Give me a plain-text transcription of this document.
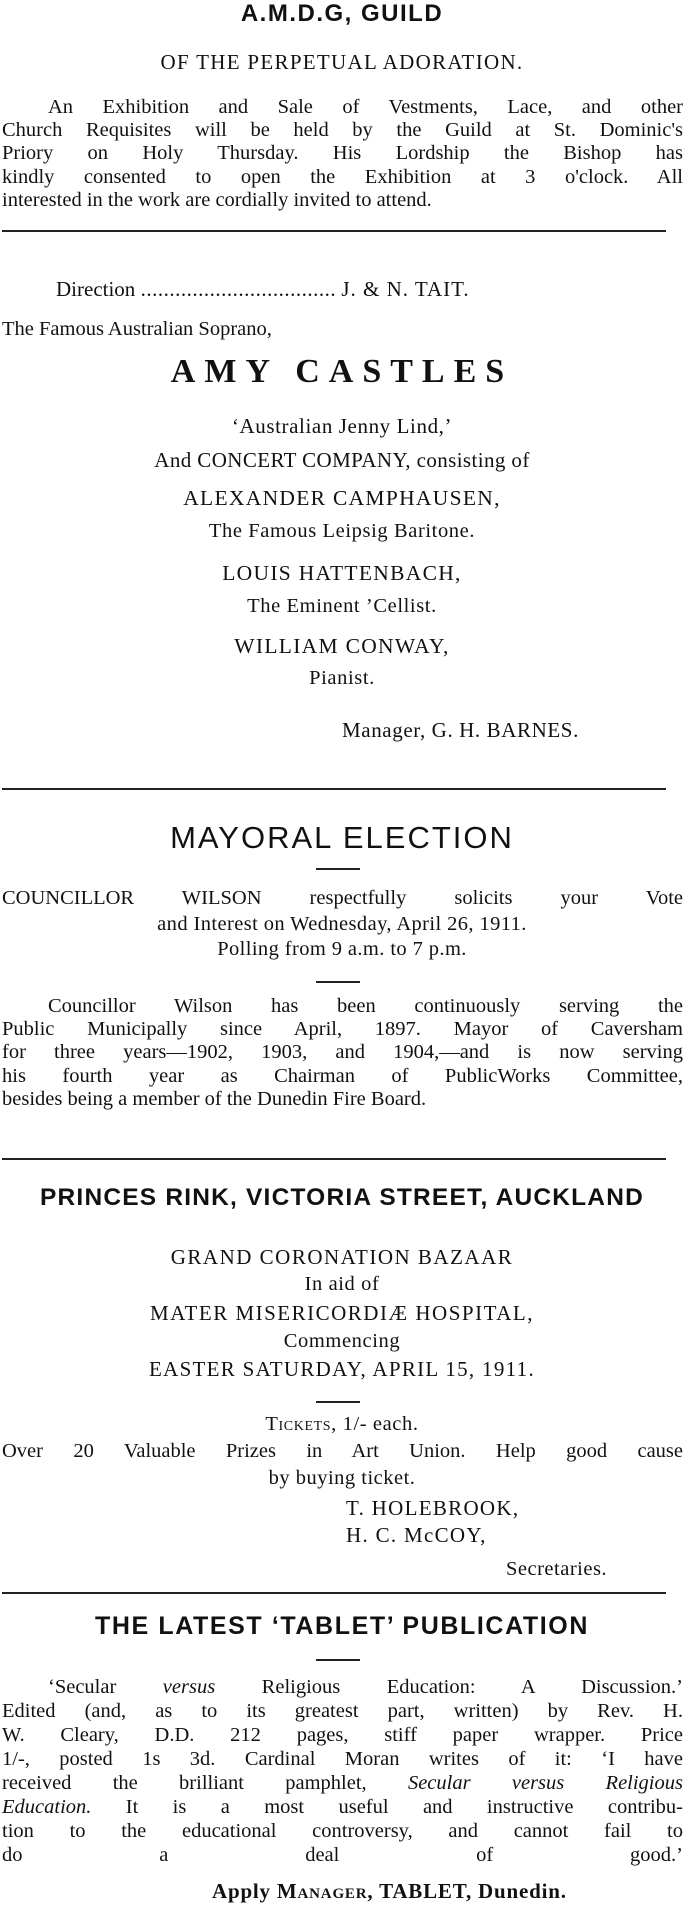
A.M.D.G, GUILD
OF THE PERPETUAL ADORATION.
An Exhibition and Sale of Vestments, Lace, and other
Church Requisites will be held by the Guild at St. Dominic's
Priory on Holy Thursday. His Lordship the Bishop has
kindly consented to open the Exhibition at 3 o'clock. All
interested in the work are cordially invited to attend.
Direction .................................. J. & N. TAIT.
The Famous Australian Soprano,
AMY CASTLES
‘Australian Jenny Lind,’
And CONCERT COMPANY, consisting of
ALEXANDER CAMPHAUSEN,
The Famous Leipsig Baritone.
LOUIS HATTENBACH,
The Eminent ’Cellist.
WILLIAM CONWAY,
Pianist.
Manager, G. H. BARNES.
MAYORAL ELECTION
COUNCILLOR WILSON respectfully solicits your Vote
and Interest on Wednesday, April 26, 1911.
Polling from 9 a.m. to 7 p.m.
Councillor Wilson has been continuously serving the
Public Municipally since April, 1897. Mayor of Caversham
for three years—1902, 1903, and 1904,—and is now serving
his fourth year as Chairman of PublicWorks Committee,
besides being a member of the Dunedin Fire Board.
PRINCES RINK, VICTORIA STREET, AUCKLAND
GRAND CORONATION BAZAAR
In aid of
MATER MISERICORDIÆ HOSPITAL,
Commencing
EASTER SATURDAY, APRIL 15, 1911.
Tickets, 1/- each.
Over 20 Valuable Prizes in Art Union. Help good cause
by buying ticket.
T. HOLEBROOK,
H. C. McCOY,
Secretaries.
THE LATEST ‘TABLET’ PUBLICATION
‘Secular versus Religious Education: A Discussion.’
Edited (and, as to its greatest part, written) by Rev. H.
W. Cleary, D.D. 212 pages, stiff paper wrapper. Price
1/-, posted 1s 3d. Cardinal Moran writes of it: ‘I have
received the brilliant pamphlet, Secular versus Religious
Education. It is a most useful and instructive contribu-
tion to the educational controversy, and cannot fail to
do a deal of good.’
Apply Manager, TABLET, Dunedin.
